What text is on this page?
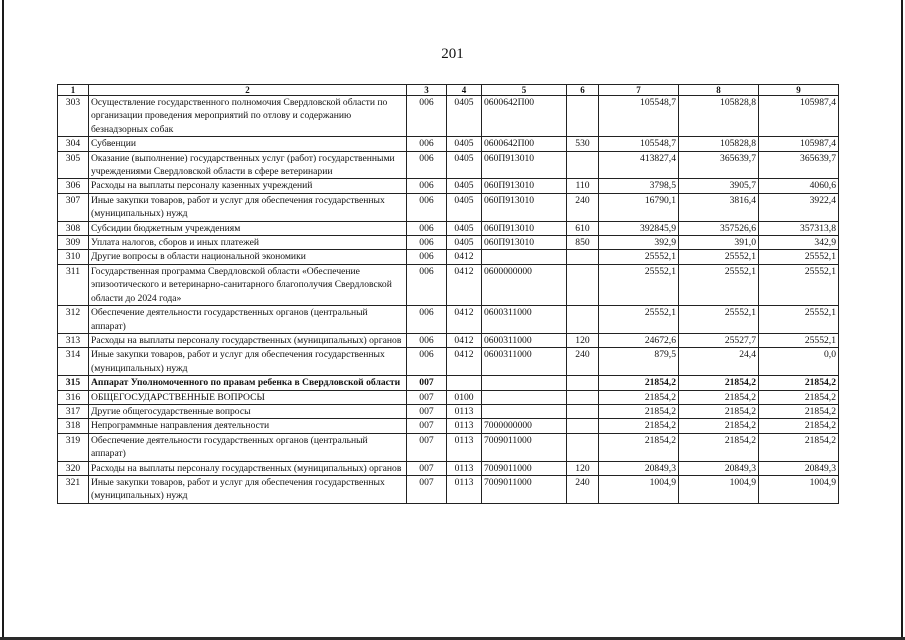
201
1	2	3	4	5	6	7	8	9
303	Осуществление государственного полномочия Свердловской области по организации проведения мероприятий по отлову и содержанию безнадзорных собак	006	0405	0600642П00		105548,7	105828,8	105987,4
304	Субвенции	006	0405	0600642П00	530	105548,7	105828,8	105987,4
305	Оказание (выполнение) государственных услуг (работ) государственными учреждениями Свердловской области в сфере ветеринарии	006	0405	060П913010		413827,4	365639,7	365639,7
306	Расходы на выплаты персоналу казенных учреждений	006	0405	060П913010	110	3798,5	3905,7	4060,6
307	Иные закупки товаров, работ и услуг для обеспечения государственных (муниципальных) нужд	006	0405	060П913010	240	16790,1	3816,4	3922,4
308	Субсидии бюджетным учреждениям	006	0405	060П913010	610	392845,9	357526,6	357313,8
309	Уплата налогов, сборов и иных платежей	006	0405	060П913010	850	392,9	391,0	342,9
310	Другие вопросы в области национальной экономики	006	0412			25552,1	25552,1	25552,1
311	Государственная программа Свердловской области «Обеспечение эпизоотического и ветеринарно-санитарного благополучия Свердловской области до 2024 года»	006	0412	0600000000		25552,1	25552,1	25552,1
312	Обеспечение деятельности государственных органов (центральный аппарат)	006	0412	0600311000		25552,1	25552,1	25552,1
313	Расходы на выплаты персоналу государственных (муниципальных) органов	006	0412	0600311000	120	24672,6	25527,7	25552,1
314	Иные закупки товаров, работ и услуг для обеспечения государственных (муниципальных) нужд	006	0412	0600311000	240	879,5	24,4	0,0
315	Аппарат Уполномоченного по правам ребенка в Свердловской области	007				21854,2	21854,2	21854,2
316	ОБЩЕГОСУДАРСТВЕННЫЕ ВОПРОСЫ	007	0100			21854,2	21854,2	21854,2
317	Другие общегосударственные вопросы	007	0113			21854,2	21854,2	21854,2
318	Непрограммные направления деятельности	007	0113	7000000000		21854,2	21854,2	21854,2
319	Обеспечение деятельности государственных органов (центральный аппарат)	007	0113	7009011000		21854,2	21854,2	21854,2
320	Расходы на выплаты персоналу государственных (муниципальных) органов	007	0113	7009011000	120	20849,3	20849,3	20849,3
321	Иные закупки товаров, работ и услуг для обеспечения государственных (муниципальных) нужд	007	0113	7009011000	240	1004,9	1004,9	1004,9
